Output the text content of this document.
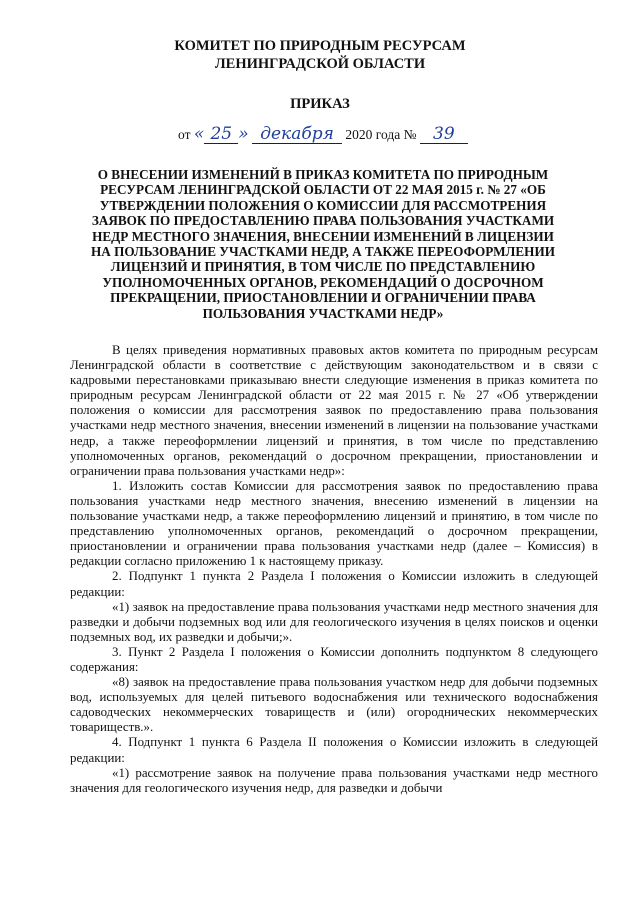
КОМИТЕТ ПО ПРИРОДНЫМ РЕСУРСАМ
ЛЕНИНГРАДСКОЙ ОБЛАСТИ
ПРИКАЗ
от « 25 » декабря 2020 года № 39
О ВНЕСЕНИИ ИЗМЕНЕНИЙ В ПРИКАЗ КОМИТЕТА ПО ПРИРОДНЫМ РЕСУРСАМ ЛЕНИНГРАДСКОЙ ОБЛАСТИ ОТ 22 МАЯ 2015 г. № 27 «ОБ УТВЕРЖДЕНИИ ПОЛОЖЕНИЯ О КОМИССИИ ДЛЯ РАССМОТРЕНИЯ ЗАЯВОК ПО ПРЕДОСТАВЛЕНИЮ ПРАВА ПОЛЬЗОВАНИЯ УЧАСТКАМИ НЕДР МЕСТНОГО ЗНАЧЕНИЯ, ВНЕСЕНИИ ИЗМЕНЕНИЙ В ЛИЦЕНЗИИ НА ПОЛЬЗОВАНИЕ УЧАСТКАМИ НЕДР, А ТАКЖЕ ПЕРЕОФОРМЛЕНИИ ЛИЦЕНЗИЙ И ПРИНЯТИЯ, В ТОМ ЧИСЛЕ ПО ПРЕДСТАВЛЕНИЮ УПОЛНОМОЧЕННЫХ ОРГАНОВ, РЕКОМЕНДАЦИЙ О ДОСРОЧНОМ ПРЕКРАЩЕНИИ, ПРИОСТАНОВЛЕНИИ И ОГРАНИЧЕНИИ ПРАВА ПОЛЬЗОВАНИЯ УЧАСТКАМИ НЕДР»

В целях приведения нормативных правовых актов комитета по природным ресурсам Ленинградской области в соответствие с действующим законодательством и в связи с кадровыми перестановками приказываю внести следующие изменения в приказ комитета по природным ресурсам Ленинградской области от 22 мая 2015 г. № 27 «Об утверждении положения о комиссии для рассмотрения заявок по предоставлению права пользования участками недр местного значения, внесении изменений в лицензии на пользование участками недр, а также переоформлении лицензий и принятия, в том числе по представлению уполномоченных органов, рекомендаций о досрочном прекращении, приостановлении и ограничении права пользования участками недр»:

1. Изложить состав Комиссии для рассмотрения заявок по предоставлению права пользования участками недр местного значения, внесению изменений в лицензии на пользование участками недр, а также переоформлению лицензий и принятию, в том числе по представлению уполномоченных органов, рекомендаций о досрочном прекращении, приостановлении и ограничении права пользования участками недр (далее – Комиссия) в редакции согласно приложению 1 к настоящему приказу.

2. Подпункт 1 пункта 2 Раздела I положения о Комиссии изложить в следующей редакции:

«1) заявок на предоставление права пользования участками недр местного значения для разведки и добычи подземных вод или для геологического изучения в целях поисков и оценки подземных вод, их разведки и добычи;».

3. Пункт 2 Раздела I положения о Комиссии дополнить подпунктом 8 следующего содержания:

«8) заявок на предоставление права пользования участком недр для добычи подземных вод, используемых для целей питьевого водоснабжения или технического водоснабжения садоводческих некоммерческих товариществ и (или) огороднических некоммерческих товариществ.».

4. Подпункт 1 пункта 6 Раздела II положения о Комиссии изложить в следующей редакции:

«1) рассмотрение заявок на получение права пользования участками недр местного значения для геологического изучения недр, для разведки и добычи
